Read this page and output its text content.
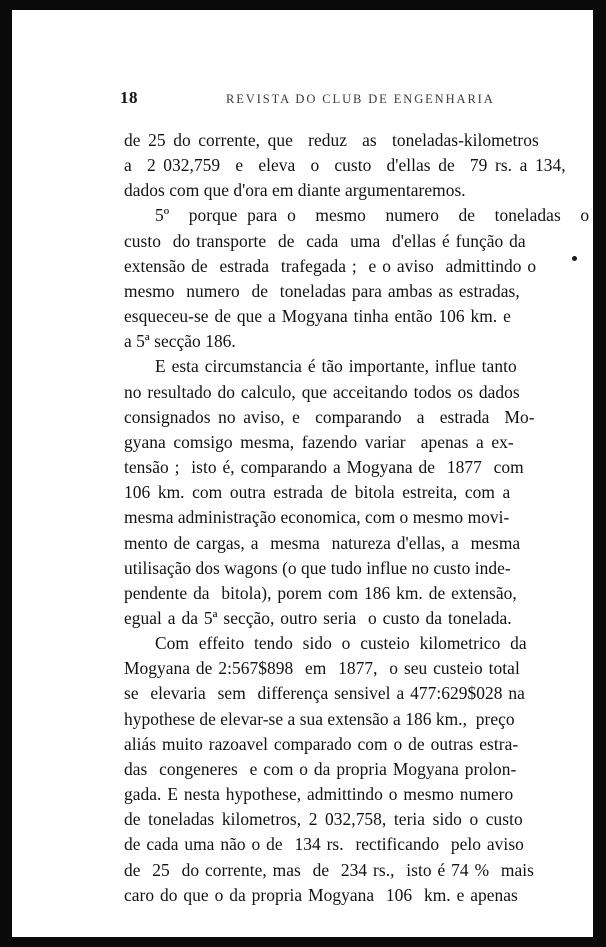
18	REVISTA DO CLUB DE ENGENHARIA
de 25 do corrente, que  reduz  as  toneladas-kilometros
a  2 032,759  e  eleva  o  custo  d'ellas de  79 rs. a 134,
dados com que d'ora em diante argumentaremos.
5º  porque para o  mesmo  numero  de  toneladas  o
custo  do transporte  de  cada  uma  d'ellas é função da
extensão de  estrada  trafegada ;  e o aviso  admittindo o
mesmo  numero  de  toneladas para ambas as estradas,
esqueceu-se de que a Mogyana tinha então 106 km. e
a 5ª secção 186.
E esta circumstancia é tão importante, influe tanto
no resultado do calculo, que acceitando todos os dados
consignados no aviso, e  comparando  a  estrada  Mo-
gyana comsigo mesma, fazendo variar  apenas a ex-
tensão ;  isto é, comparando a Mogyana de  1877  com
106 km. com outra estrada de bitola estreita, com a
mesma administração economica, com o mesmo movi-
mento de cargas, a  mesma  natureza d'ellas, a  mesma
utilisação dos wagons (o que tudo influe no custo inde-
pendente da  bitola), porem com 186 km. de extensão,
egual a da 5ª secção, outro seria  o custo da tonelada.
Com effeito tendo sido o custeio kilometrico da
Mogyana de 2:567$898  em  1877,  o seu custeio total
se  elevaria  sem  differença sensivel a 477:629$028 na
hypothese de elevar-se a sua extensão a 186 km.,  preço
aliás muito razoavel comparado com o de outras estra-
das  congeneres  e com o da propria Mogyana prolon-
gada. E nesta hypothese, admittindo o mesmo numero
de toneladas kilometros, 2 032,758, teria sido o custo
de cada uma não o de  134 rs.  rectificando  pelo aviso
de  25  do corrente, mas  de  234 rs.,  isto é 74 %  mais
caro do que o da propria Mogyana  106  km. e apenas
